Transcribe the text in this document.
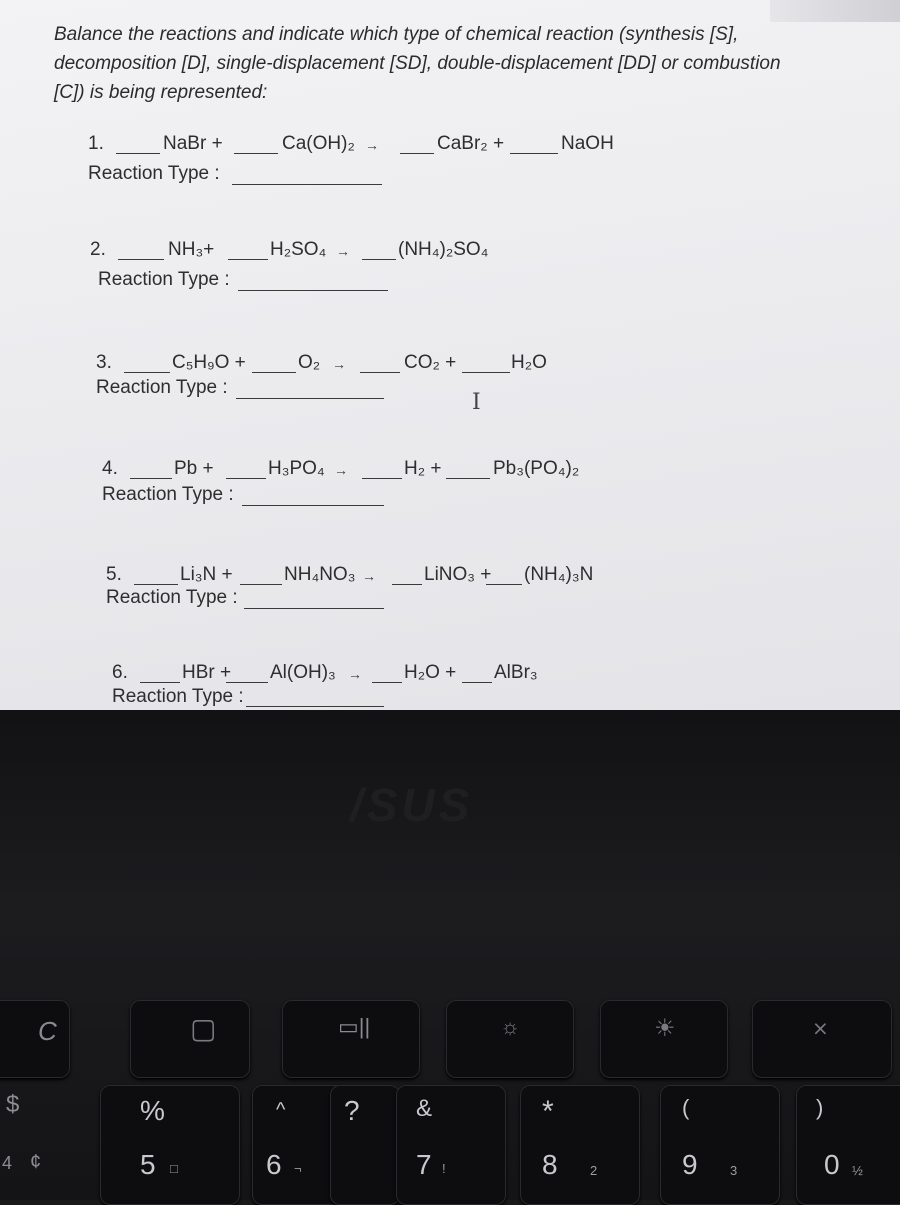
Balance the reactions and indicate which type of chemical reaction (synthesis [S], decomposition [D], single-displacement [SD], double-displacement [DD] or combustion [C]) is being represented:
1.	NaBr +	Ca(OH)₂ →	CaBr₂ +	NaOH
Reaction Type :
2.	NH₃+	H₂SO₄ →	(NH₄)₂SO₄
Reaction Type :
3.	C₅H₉O +	O₂ →	CO₂ +	H₂O
Reaction Type :
I
4.	Pb +	H₃PO₄ →	H₂ +	Pb₃(PO₄)₂
Reaction Type :
5.	Li₃N +	NH₄NO₃ →	LiNO₃ + (NH₄)₃N
Reaction Type :
6.	HBr + Al(OH)₃ → H₂O + AlBr₃
Reaction Type :
/SUS
C	▢	▭||	☼	☀	⨯
$
4 ¢
%
5 □
^
6 ¬
? &
7 !
*
8 2
(
9 3
)
0 ½
